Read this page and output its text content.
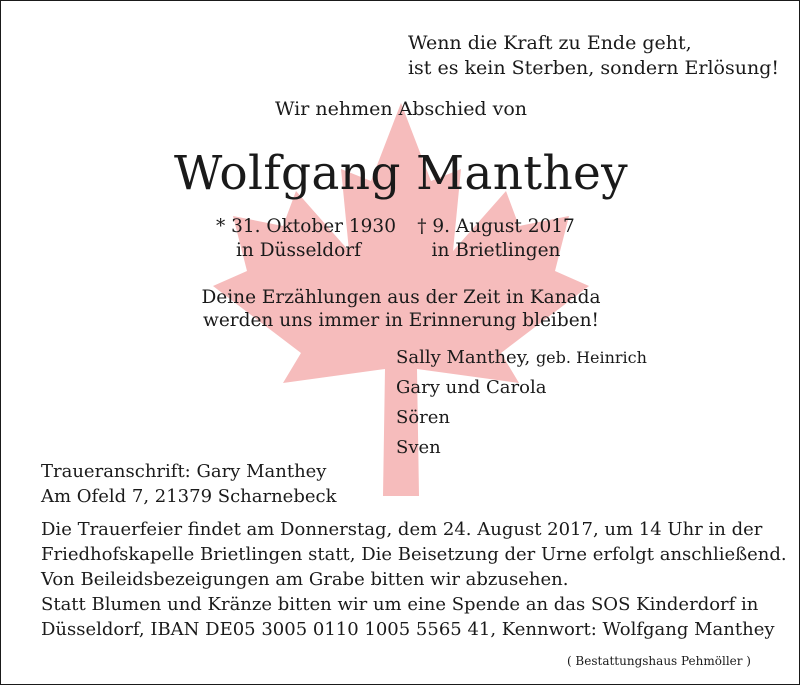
Wenn die Kraft zu Ende geht,
ist es kein Sterben, sondern Erlösung!
Wir nehmen Abschied von
Wolfgang Manthey
* 31. Oktober 1930
in Düsseldorf
† 9. August 2017
in Brietlingen
Deine Erzählungen aus der Zeit in Kanada
werden uns immer in Erinnerung bleiben!
Sally Manthey, geb. Heinrich
Gary und Carola
Sören
Sven
Traueranschrift: Gary Manthey
Am Ofeld 7, 21379 Scharnebeck
Die Trauerfeier findet am Donnerstag, dem 24. August 2017, um 14 Uhr in der
Friedhofskapelle Brietlingen statt, Die Beisetzung der Urne erfolgt anschließend.
Von Beileidsbezeigungen am Grabe bitten wir abzusehen.
Statt Blumen und Kränze bitten wir um eine Spende an das SOS Kinderdorf in
Düsseldorf, IBAN DE05 3005 0110 1005 5565 41, Kennwort: Wolfgang Manthey
( Bestattungshaus Pehmöller )
